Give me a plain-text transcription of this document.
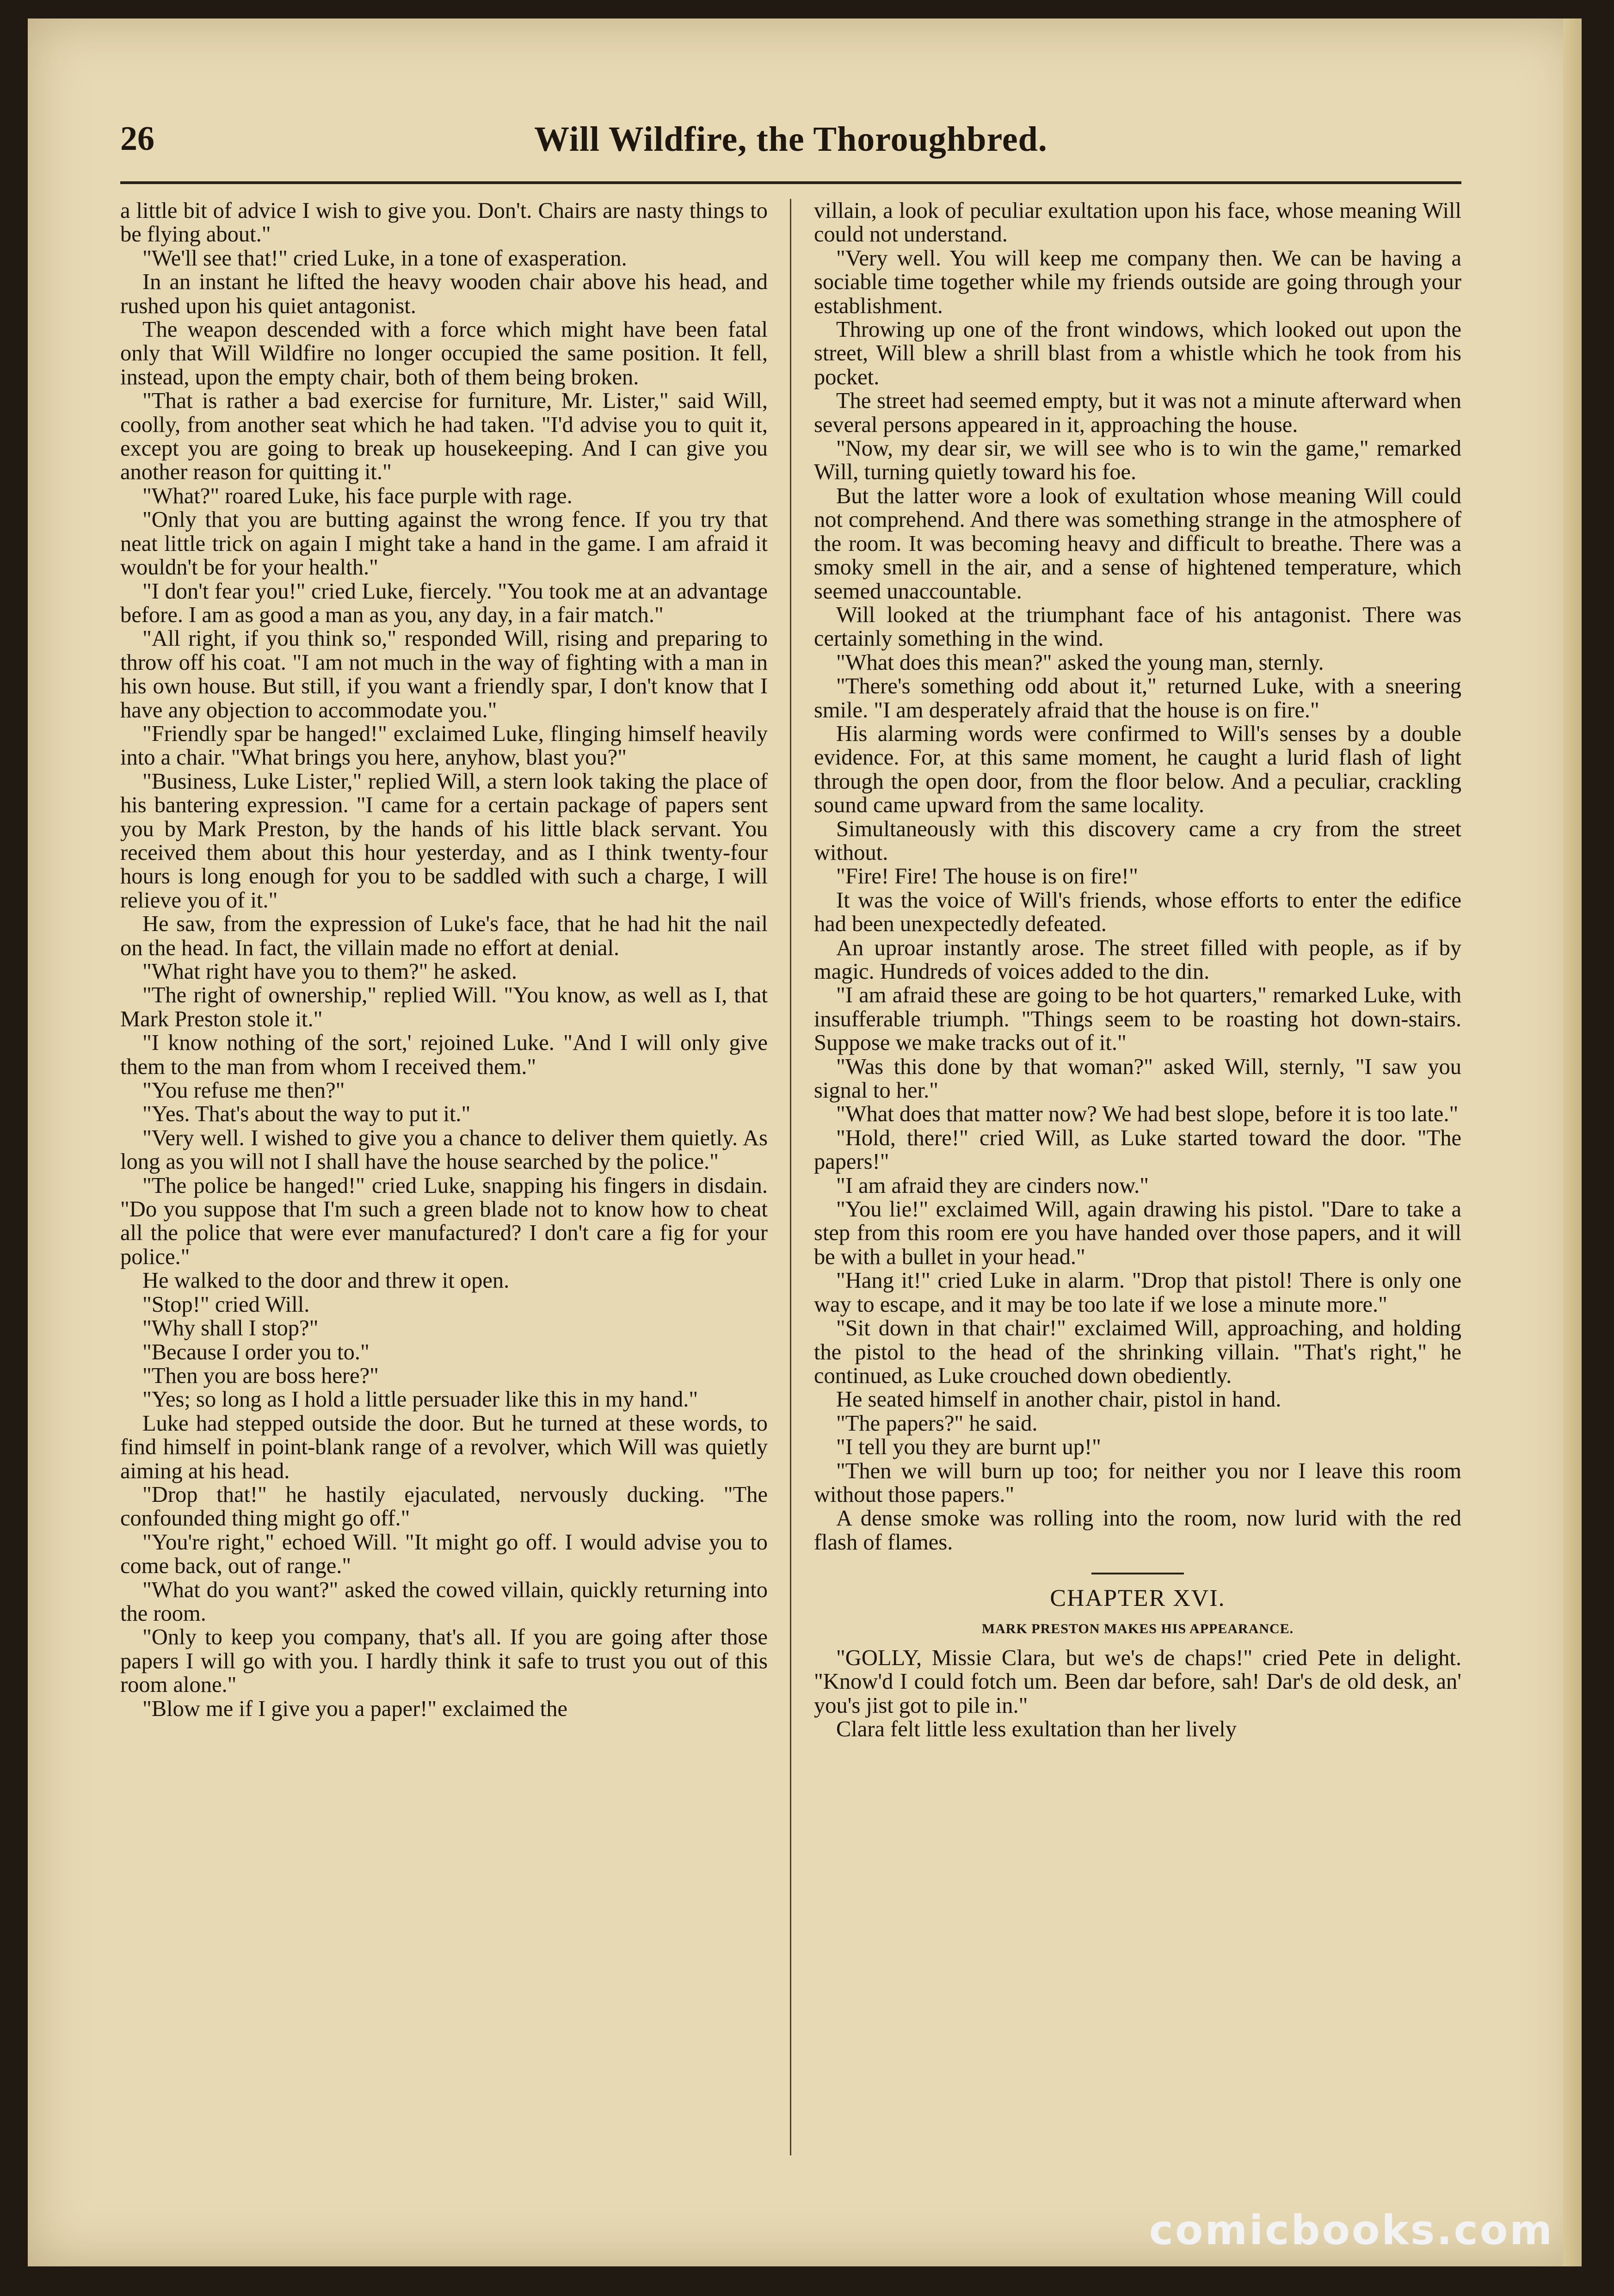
26	Will Wildfire, the Thoroughbred.

a little bit of advice I wish to give you. Don't. Chairs are nasty things to be flying about."

"We'll see that!" cried Luke, in a tone of exasperation.

In an instant he lifted the heavy wooden chair above his head, and rushed upon his quiet antagonist.

The weapon descended with a force which might have been fatal only that Will Wildfire no longer occupied the same position. It fell, instead, upon the empty chair, both of them being broken.

"That is rather a bad exercise for furniture, Mr. Lister," said Will, coolly, from another seat which he had taken. "I'd advise you to quit it, except you are going to break up housekeeping. And I can give you another reason for quitting it."

"What?" roared Luke, his face purple with rage.

"Only that you are butting against the wrong fence. If you try that neat little trick on again I might take a hand in the game. I am afraid it wouldn't be for your health."

"I don't fear you!" cried Luke, fiercely. "You took me at an advantage before. I am as good a man as you, any day, in a fair match."

"All right, if you think so," responded Will, rising and preparing to throw off his coat. "I am not much in the way of fighting with a man in his own house. But still, if you want a friendly spar, I don't know that I have any objection to accommodate you."

"Friendly spar be hanged!" exclaimed Luke, flinging himself heavily into a chair. "What brings you here, anyhow, blast you?"

"Business, Luke Lister," replied Will, a stern look taking the place of his bantering expression. "I came for a certain package of papers sent you by Mark Preston, by the hands of his little black servant. You received them about this hour yesterday, and as I think twenty-four hours is long enough for you to be saddled with such a charge, I will relieve you of it."

He saw, from the expression of Luke's face, that he had hit the nail on the head. In fact, the villain made no effort at denial.

"What right have you to them?" he asked.

"The right of ownership," replied Will. "You know, as well as I, that Mark Preston stole it."

"I know nothing of the sort,' rejoined Luke. "And I will only give them to the man from whom I received them."

"You refuse me then?"

"Yes. That's about the way to put it."

"Very well. I wished to give you a chance to deliver them quietly. As long as you will not I shall have the house searched by the police."

"The police be hanged!" cried Luke, snapping his fingers in disdain. "Do you suppose that I'm such a green blade not to know how to cheat all the police that were ever manufactured? I don't care a fig for your police."

He walked to the door and threw it open.

"Stop!" cried Will.

"Why shall I stop?"

"Because I order you to."

"Then you are boss here?"

"Yes; so long as I hold a little persuader like this in my hand."

Luke had stepped outside the door. But he turned at these words, to find himself in point-blank range of a revolver, which Will was quietly aiming at his head.

"Drop that!" he hastily ejaculated, nervously ducking. "The confounded thing might go off."

"You're right," echoed Will. "It might go off. I would advise you to come back, out of range."

"What do you want?" asked the cowed villain, quickly returning into the room.

"Only to keep you company, that's all. If you are going after those papers I will go with you. I hardly think it safe to trust you out of this room alone."

"Blow me if I give you a paper!" exclaimed the

villain, a look of peculiar exultation upon his face, whose meaning Will could not understand.

"Very well. You will keep me company then. We can be having a sociable time together while my friends outside are going through your establishment.

Throwing up one of the front windows, which looked out upon the street, Will blew a shrill blast from a whistle which he took from his pocket.

The street had seemed empty, but it was not a minute afterward when several persons appeared in it, approaching the house.

"Now, my dear sir, we will see who is to win the game," remarked Will, turning quietly toward his foe.

But the latter wore a look of exultation whose meaning Will could not comprehend. And there was something strange in the atmosphere of the room. It was becoming heavy and difficult to breathe. There was a smoky smell in the air, and a sense of hightened temperature, which seemed unaccountable.

Will looked at the triumphant face of his antagonist. There was certainly something in the wind.

"What does this mean?" asked the young man, sternly.

"There's something odd about it," returned Luke, with a sneering smile. "I am desperately afraid that the house is on fire."

His alarming words were confirmed to Will's senses by a double evidence. For, at this same moment, he caught a lurid flash of light through the open door, from the floor below. And a peculiar, crackling sound came upward from the same locality.

Simultaneously with this discovery came a cry from the street without.

"Fire! Fire! The house is on fire!"

It was the voice of Will's friends, whose efforts to enter the edifice had been unexpectedly defeated.

An uproar instantly arose. The street filled with people, as if by magic. Hundreds of voices added to the din.

"I am afraid these are going to be hot quarters," remarked Luke, with insufferable triumph. "Things seem to be roasting hot down-stairs. Suppose we make tracks out of it."

"Was this done by that woman?" asked Will, sternly, "I saw you signal to her."

"What does that matter now? We had best slope, before it is too late."

"Hold, there!" cried Will, as Luke started toward the door. "The papers!"

"I am afraid they are cinders now."

"You lie!" exclaimed Will, again drawing his pistol. "Dare to take a step from this room ere you have handed over those papers, and it will be with a bullet in your head."

"Hang it!" cried Luke in alarm. "Drop that pistol! There is only one way to escape, and it may be too late if we lose a minute more."

"Sit down in that chair!" exclaimed Will, approaching, and holding the pistol to the head of the shrinking villain. "That's right," he continued, as Luke crouched down obediently.

He seated himself in another chair, pistol in hand.

"The papers?" he said.

"I tell you they are burnt up!"

"Then we will burn up too; for neither you nor I leave this room without those papers."

A dense smoke was rolling into the room, now lurid with the red flash of flames.

CHAPTER XVI.
MARK PRESTON MAKES HIS APPEARANCE.

"GOLLY, Missie Clara, but we's de chaps!" cried Pete in delight. "Know'd I could fotch um. Been dar before, sah! Dar's de old desk, an' you's jist got to pile in."

Clara felt little less exultation than her lively

comicbooks.com
